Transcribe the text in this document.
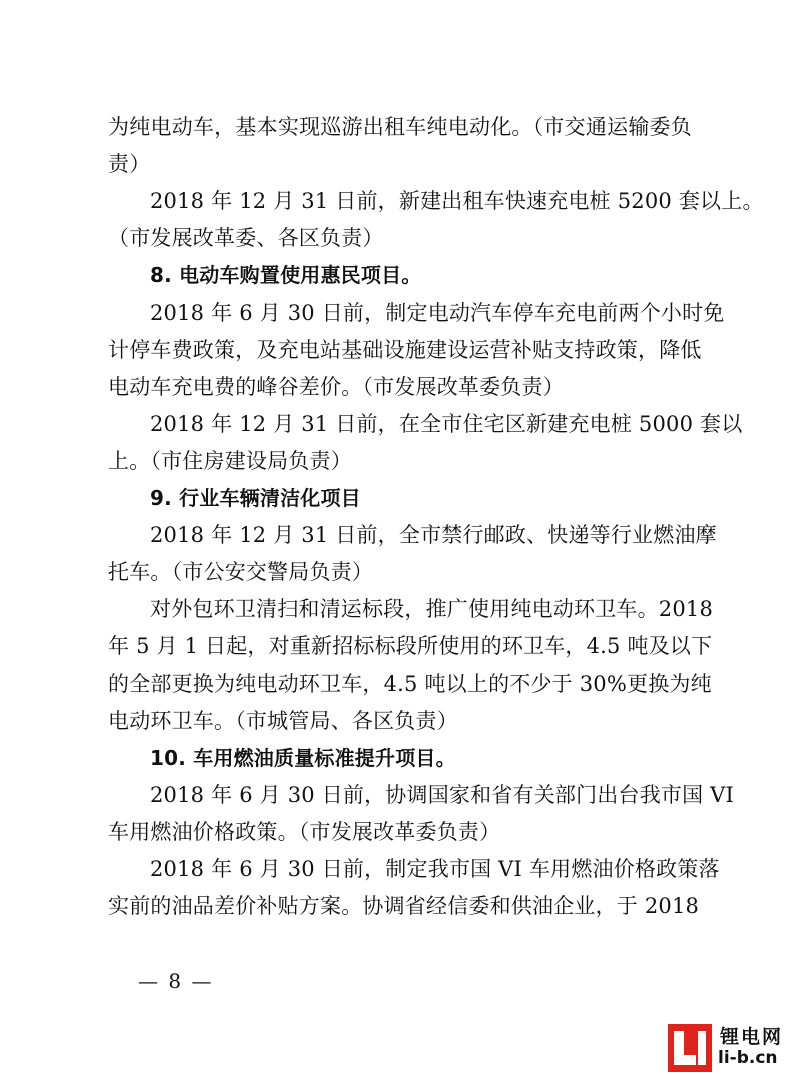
为纯电动车，基本实现巡游出租车纯电动化。（市交通运输委负
责）
2018 年 12 月 31 日前，新建出租车快速充电桩 5200 套以上。
（市发展改革委、各区负责）
8. 电动车购置使用惠民项目。
2018 年 6 月 30 日前，制定电动汽车停车充电前两个小时免
计停车费政策，及充电站基础设施建设运营补贴支持政策，降低
电动车充电费的峰谷差价。（市发展改革委负责）
2018 年 12 月 31 日前，在全市住宅区新建充电桩 5000 套以
上。（市住房建设局负责）
9. 行业车辆清洁化项目
2018 年 12 月 31 日前，全市禁行邮政、快递等行业燃油摩
托车。（市公安交警局负责）
对外包环卫清扫和清运标段，推广使用纯电动环卫车。2018
年 5 月 1 日起，对重新招标标段所使用的环卫车，4.5 吨及以下
的全部更换为纯电动环卫车，4.5 吨以上的不少于 30%更换为纯
电动环卫车。（市城管局、各区负责）
10. 车用燃油质量标准提升项目。
2018 年 6 月 30 日前，协调国家和省有关部门出台我市国 VI
车用燃油价格政策。（市发展改革委负责）
2018 年 6 月 30 日前，制定我市国 VI 车用燃油价格政策落
实前的油品差价补贴方案。协调省经信委和供油企业，于 2018
— 8 —
锂电网
li-b.cn
